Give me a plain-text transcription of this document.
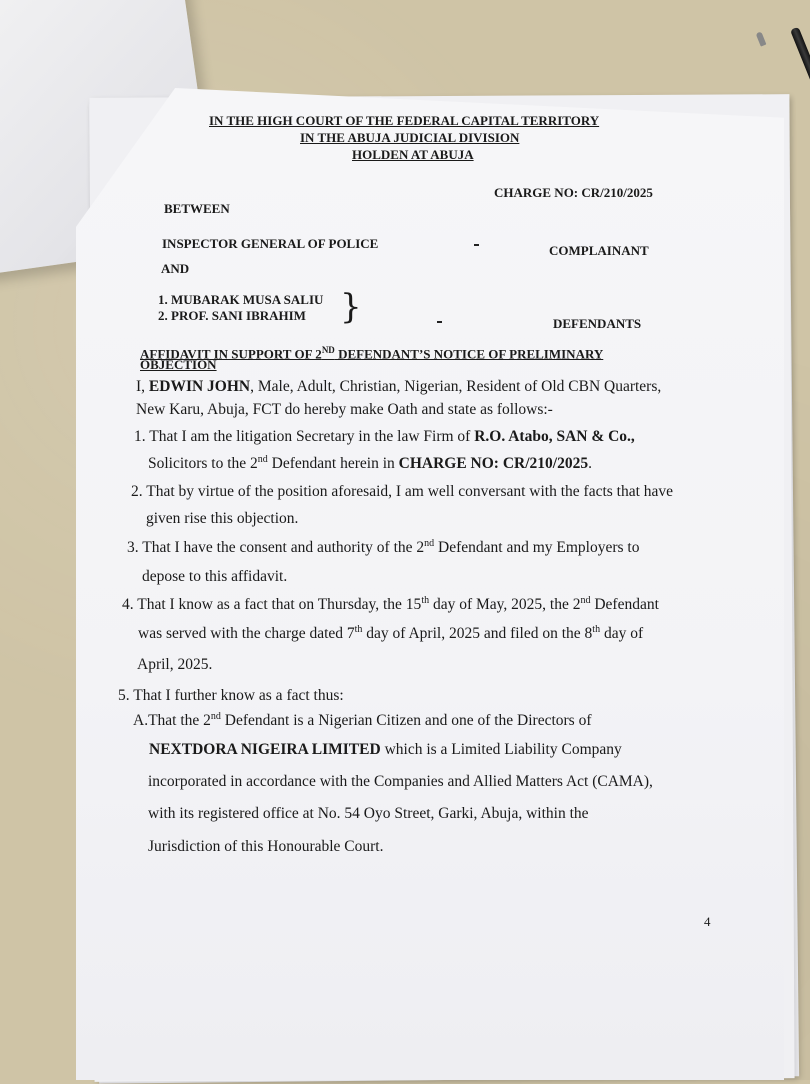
IN THE HIGH COURT OF THE FEDERAL CAPITAL TERRITORY

IN THE ABUJA JUDICIAL DIVISION

HOLDEN AT ABUJA

CHARGE NO: CR/210/2025

BETWEEN

INSPECTOR GENERAL OF POLICE	COMPLAINANT

AND

1. MUBARAK MUSA SALIU

2. PROF. SANI IBRAHIM }	DEFENDANTS

AFFIDAVIT IN SUPPORT OF 2ND DEFENDANT’S NOTICE OF PRELIMINARY

OBJECTION

I, EDWIN JOHN, Male, Adult, Christian, Nigerian, Resident of Old CBN Quarters,

New Karu, Abuja, FCT do hereby make Oath and state as follows:-

1. That I am the litigation Secretary in the law Firm of R.O. Atabo, SAN & Co.,

Solicitors to the 2nd Defendant herein in CHARGE NO: CR/210/2025.

2. That by virtue of the position aforesaid, I am well conversant with the facts that have

given rise this objection.

3. That I have the consent and authority of the 2nd Defendant and my Employers to

depose to this affidavit.

4. That I know as a fact that on Thursday, the 15th day of May, 2025, the 2nd Defendant

was served with the charge dated 7th day of April, 2025 and filed on the 8th day of

April, 2025.

5. That I further know as a fact thus:

A.That the 2nd Defendant is a Nigerian Citizen and one of the Directors of

NEXTDORA NIGEIRA LIMITED which is a Limited Liability Company

incorporated in accordance with the Companies and Allied Matters Act (CAMA),

with its registered office at No. 54 Oyo Street, Garki, Abuja, within the

Jurisdiction of this Honourable Court.

4
